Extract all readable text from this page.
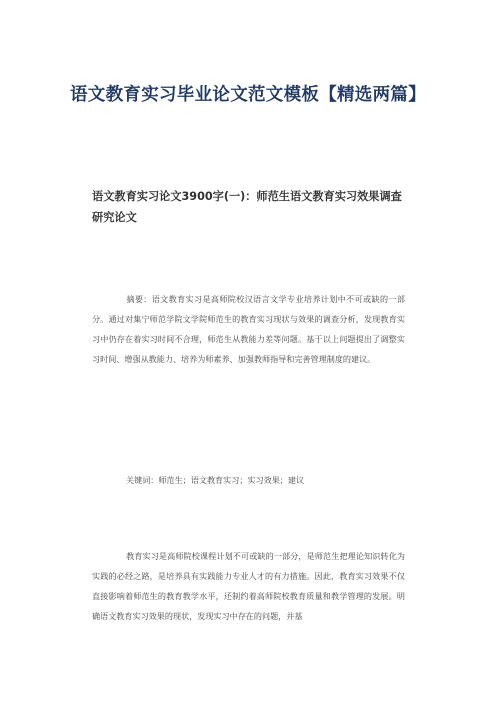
语文教育实习毕业论文范文模板【精选两篇】
语文教育实习论文3900字(一)：师范生语文教育实习效果调查研究论文
摘要：语文教育实习是高师院校汉语言文学专业培养计划中不可或缺的一部分。通过对集宁师范学院文学院师范生的教育实习现状与效果的调查分析，发现教育实习中仍存在着实习时间不合理，师范生从教能力差等问题。基于以上问题提出了调整实习时间、增强从教能力、培养为师素养、加强教师指导和完善管理制度的建议。
关键词：师范生；语文教育实习；实习效果；建议
教育实习是高师院校课程计划不可或缺的一部分，是师范生把理论知识转化为实践的必经之路，是培养具有实践能力专业人才的有力措施。因此，教育实习效果不仅直接影响着师范生的教育教学水平，还制约着高师院校教育质量和教学管理的发展。明确语文教育实习效果的现状，发现实习中存在的问题，并基
